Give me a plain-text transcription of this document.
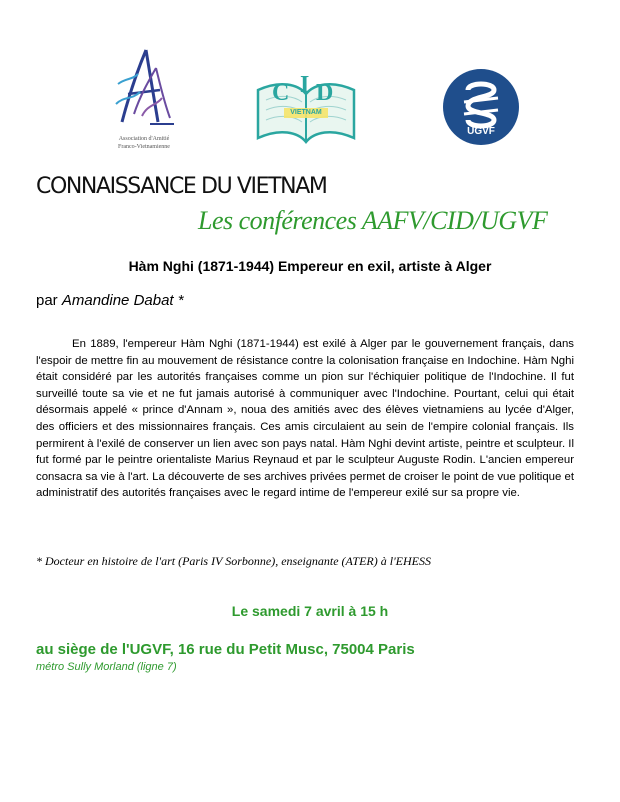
Association d'Amitié
Franco-Vietnamienne
C I D
VIETNAM
UGVF
CONNAISSANCE DU VIETNAM
Les conférences AAFV/CID/UGVF
Hàm Nghi (1871-1944) Empereur en exil, artiste à Alger
par Amandine Dabat *
En 1889, l'empereur Hàm Nghi (1871-1944) est exilé à Alger par le gouvernement français, dans l'espoir de mettre fin au mouvement de résistance contre la colonisation française en Indochine. Hàm Nghi était considéré par les autorités françaises comme un pion sur l'échiquier politique de l'Indochine. Il fut surveillé toute sa vie et ne fut jamais autorisé à communiquer avec l'Indochine. Pourtant, celui qui était désormais appelé « prince d'Annam », noua des amitiés avec des élèves vietnamiens au lycée d'Alger, des officiers et des missionnaires français. Ces amis circulaient au sein de l'empire colonial français. Ils permirent à l'exilé de conserver un lien avec son pays natal. Hàm Nghi devint artiste, peintre et sculpteur. Il fut formé par le peintre orientaliste Marius Reynaud et par le sculpteur Auguste Rodin. L'ancien empereur consacra sa vie à l'art. La découverte de ses archives privées permet de croiser le point de vue politique et administratif des autorités françaises avec le regard intime de l'empereur exilé sur sa propre vie.
* Docteur en histoire de l'art (Paris IV Sorbonne), enseignante (ATER) à l'EHESS
Le samedi 7 avril à 15 h
au siège de l'UGVF, 16 rue du Petit Musc, 75004 Paris
métro Sully Morland (ligne 7)
